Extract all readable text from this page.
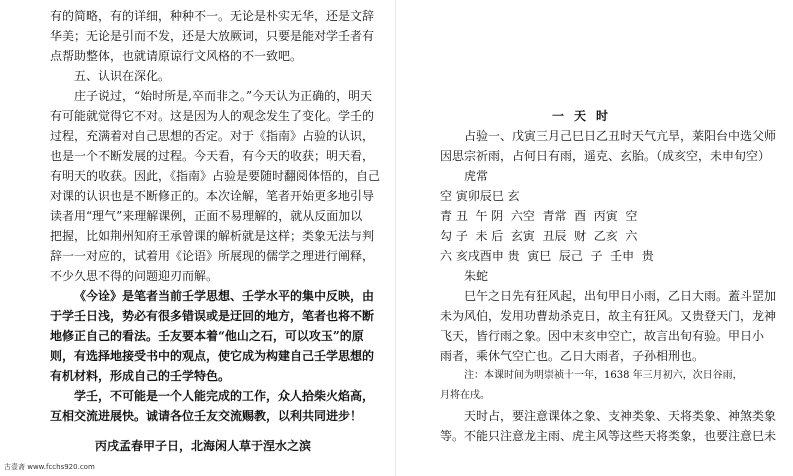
有的简略，有的详细，种种不一。无论是朴实无华，还是文辞

华美；无论是引而不发，还是大放厥词，只要是能对学壬者有

点帮助整体，也就请原谅行文风格的不一致吧。

五、认识在深化。

庄子说过，“始时所是,卒而非之。”今天认为正确的，明天

有可能就觉得它不对。这是因为人的观念发生了变化。学壬的

过程，充满着对自己思想的否定。对于《指南》占验的认识，

也是一个不断发展的过程。今天看，有今天的收获；明天看，

有明天的收获。因此，《指南》占验是要随时翻阅体悟的，自己

对课的认识也是不断修正的。本次诠解，笔者开始更多地引导

读者用“理气”来理解课例，正面不易理解的，就从反面加以

把握，比如荆州知府王承曾课的解析就是这样；类象无法与判

辞一一对应的，试着用《论语》所展现的儒学之理进行阐释，

不少久思不得的问题迎刃而解。

《今诠》是笔者当前壬学思想、壬学水平的集中反映，由

于学壬日浅，势必有很多错误或是迂回的地方，笔者也将不断

地修正自己的看法。壬友要本着“他山之石，可以攻玉”的原

则，有选择地接受书中的观点，使它成为构建自己壬学思想的

有机材料，形成自己的壬学特色。

学壬，不可能是一个人能完成的工作，众人拾柴火焰高，

互相交流进展快。诚请各位壬友交流赐教，以利共同进步！

丙戌孟春甲子日，北海闲人草于涅水之滨
一天时

占验一、戊寅三月己巳日乙丑时天气亢旱，莱阳台中选父师

因思宗祈雨，占何日有雨，遥克、玄胎。（成亥空，未申旬空）

虎常

空 寅卯辰巳 玄

青 丑  午 阴  六空  青常  酉  丙寅  空

勾 子  未 后  玄寅  丑辰  财  乙亥  六

六 亥戌酉申 贵  寅巳  辰己  子  壬申  贵

朱蛇

巳午之日先有狂风起，出旬甲日小雨，乙日大雨。蓋斗罡加

未为风伯，发用功曹劫杀克日，故主有狂风。又贵登天门，龙神

飞天，皆行雨之象。因中末亥申空亡，故言出旬有验。甲日小

雨者，乘休气空亡也。乙日大雨者，子孙相刑也。

注：本课时间为明崇祯十一年，1638 年三月初六，次日谷雨，

月将在戌。

天时占，要注意课体之象、支神类象、天将类象、神煞类象

等。不能只注意龙主雨、虎主风等这些天将类象，也要注意巳未

古壹斋 www.fcchs920.com
